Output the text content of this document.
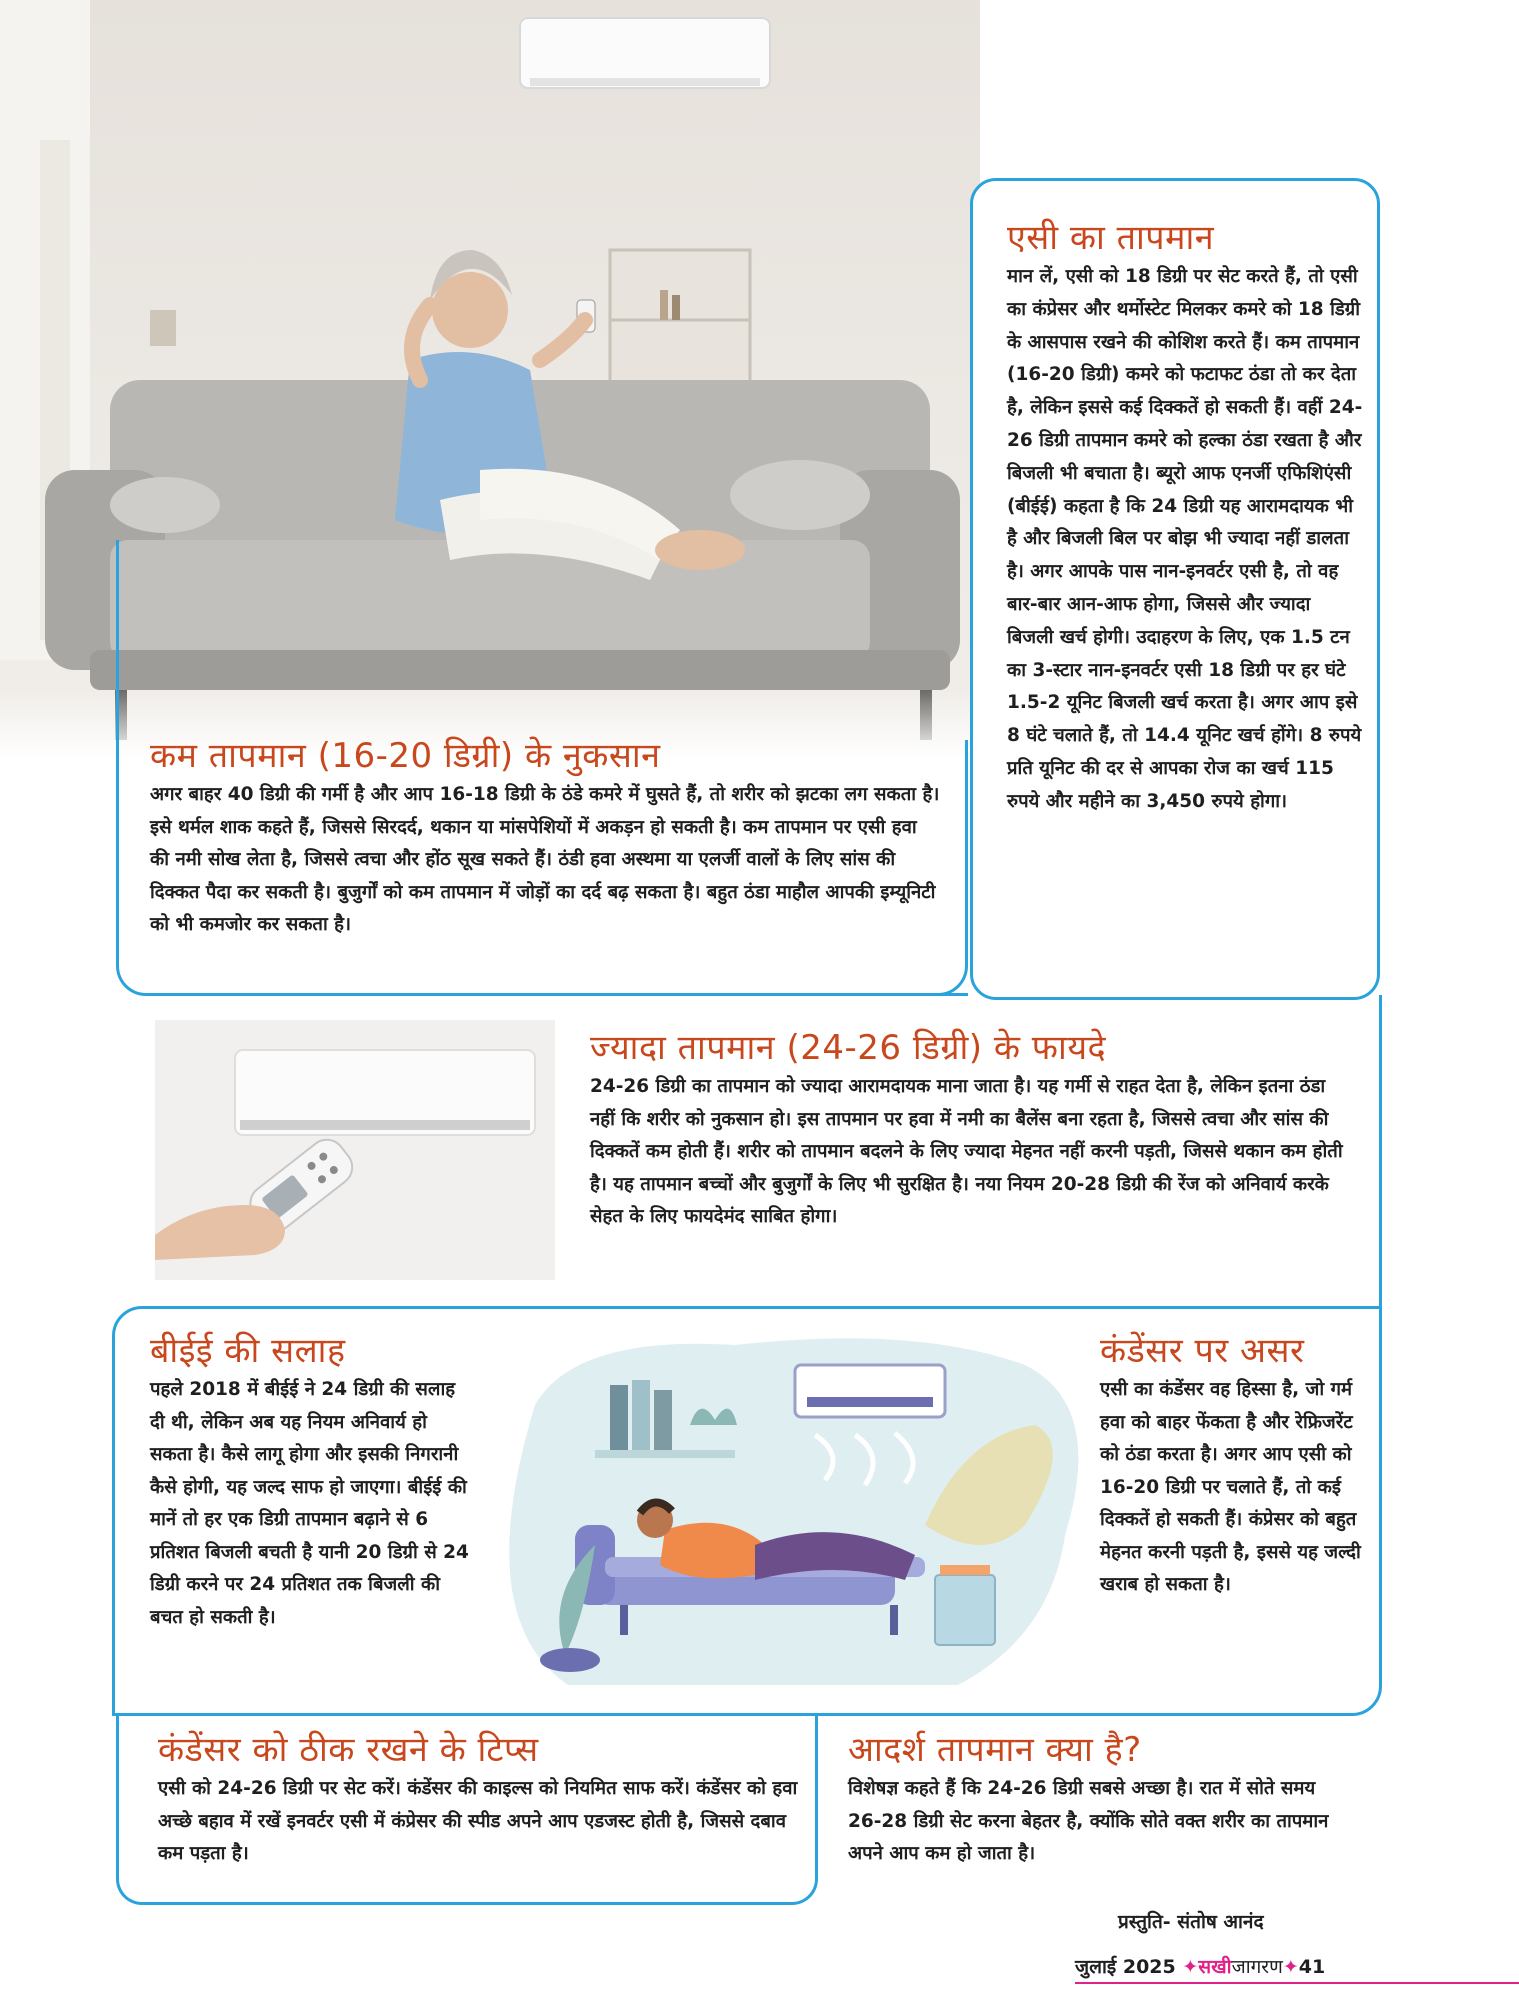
एसी का तापमान

मान लें, एसी को 18 डिग्री पर सेट करते हैं, तो एसी का कंप्रेसर और थर्मोस्टेट मिलकर कमरे को 18 डिग्री के आसपास रखने की कोशिश करते हैं। कम तापमान (16-20 डिग्री) कमरे को फटाफट ठंडा तो कर देता है, लेकिन इससे कई दिक्कतें हो सकती हैं। वहीं 24-26 डिग्री तापमान कमरे को हल्का ठंडा रखता है और बिजली भी बचाता है। ब्यूरो आफ एनर्जी एफिशिएंसी (बीईई) कहता है कि 24 डिग्री यह आरामदायक भी है और बिजली बिल पर बोझ भी ज्यादा नहीं डालता है। अगर आपके पास नान-इनवर्टर एसी है, तो वह बार-बार आन-आफ होगा, जिससे और ज्यादा बिजली खर्च होगी। उदाहरण के लिए, एक 1.5 टन का 3-स्टार नान-इनवर्टर एसी 18 डिग्री पर हर घंटे 1.5-2 यूनिट बिजली खर्च करता है। अगर आप इसे 8 घंटे चलाते हैं, तो 14.4 यूनिट खर्च होंगे। 8 रुपये प्रति यूनिट की दर से आपका रोज का खर्च 115 रुपये और महीने का 3,450 रुपये होगा।

कम तापमान (16-20 डिग्री) के नुकसान

अगर बाहर 40 डिग्री की गर्मी है और आप 16-18 डिग्री के ठंडे कमरे में घुसते हैं, तो शरीर को झटका लग सकता है। इसे थर्मल शाक कहते हैं, जिससे सिरदर्द, थकान या मांसपेशियों में अकड़न हो सकती है। कम तापमान पर एसी हवा की नमी सोख लेता है, जिससे त्वचा और होंठ सूख सकते हैं। ठंडी हवा अस्थमा या एलर्जी वालों के लिए सांस की दिक्कत पैदा कर सकती है। बुजुर्गों को कम तापमान में जोड़ों का दर्द बढ़ सकता है। बहुत ठंडा माहौल आपकी इम्यूनिटी को भी कमजोर कर सकता है।

ज्यादा तापमान (24-26 डिग्री) के फायदे

24-26 डिग्री का तापमान को ज्यादा आरामदायक माना जाता है। यह गर्मी से राहत देता है, लेकिन इतना ठंडा नहीं कि शरीर को नुकसान हो। इस तापमान पर हवा में नमी का बैलेंस बना रहता है, जिससे त्वचा और सांस की दिक्कतें कम होती हैं। शरीर को तापमान बदलने के लिए ज्यादा मेहनत नहीं करनी पड़ती, जिससे थकान कम होती है। यह तापमान बच्चों और बुजुर्गों के लिए भी सुरक्षित है। नया नियम 20-28 डिग्री की रेंज को अनिवार्य करके सेहत के लिए फायदेमंद साबित होगा।

बीईई की सलाह

पहले 2018 में बीईई ने 24 डिग्री की सलाह दी थी, लेकिन अब यह नियम अनिवार्य हो सकता है। कैसे लागू होगा और इसकी निगरानी कैसे होगी, यह जल्द साफ हो जाएगा। बीईई की मानें तो हर एक डिग्री तापमान बढ़ाने से 6 प्रतिशत बिजली बचती है यानी 20 डिग्री से 24 डिग्री करने पर 24 प्रतिशत तक बिजली की बचत हो सकती है।

कंडेंसर पर असर

एसी का कंडेंसर वह हिस्सा है, जो गर्म हवा को बाहर फेंकता है और रेफ्रिजरेंट को ठंडा करता है। अगर आप एसी को 16-20 डिग्री पर चलाते हैं, तो कई दिक्कतें हो सकती हैं। कंप्रेसर को बहुत मेहनत करनी पड़ती है, इससे यह जल्दी खराब हो सकता है।

कंडेंसर को ठीक रखने के टिप्स

एसी को 24-26 डिग्री पर सेट करें। कंडेंसर की काइल्स को नियमित साफ करें। कंडेंसर को हवा अच्छे बहाव में रखें इनवर्टर एसी में कंप्रेसर की स्पीड अपने आप एडजस्ट होती है, जिससे दबाव कम पड़ता है।

आदर्श तापमान क्या है?

विशेषज्ञ कहते हैं कि 24-26 डिग्री सबसे अच्छा है। रात में सोते समय 26-28 डिग्री सेट करना बेहतर है, क्योंकि सोते वक्त शरीर का तापमान अपने आप कम हो जाता है।

प्रस्तुति- संतोष आनंद
जुलाई 2025 ✦सखीजागरण✦41
